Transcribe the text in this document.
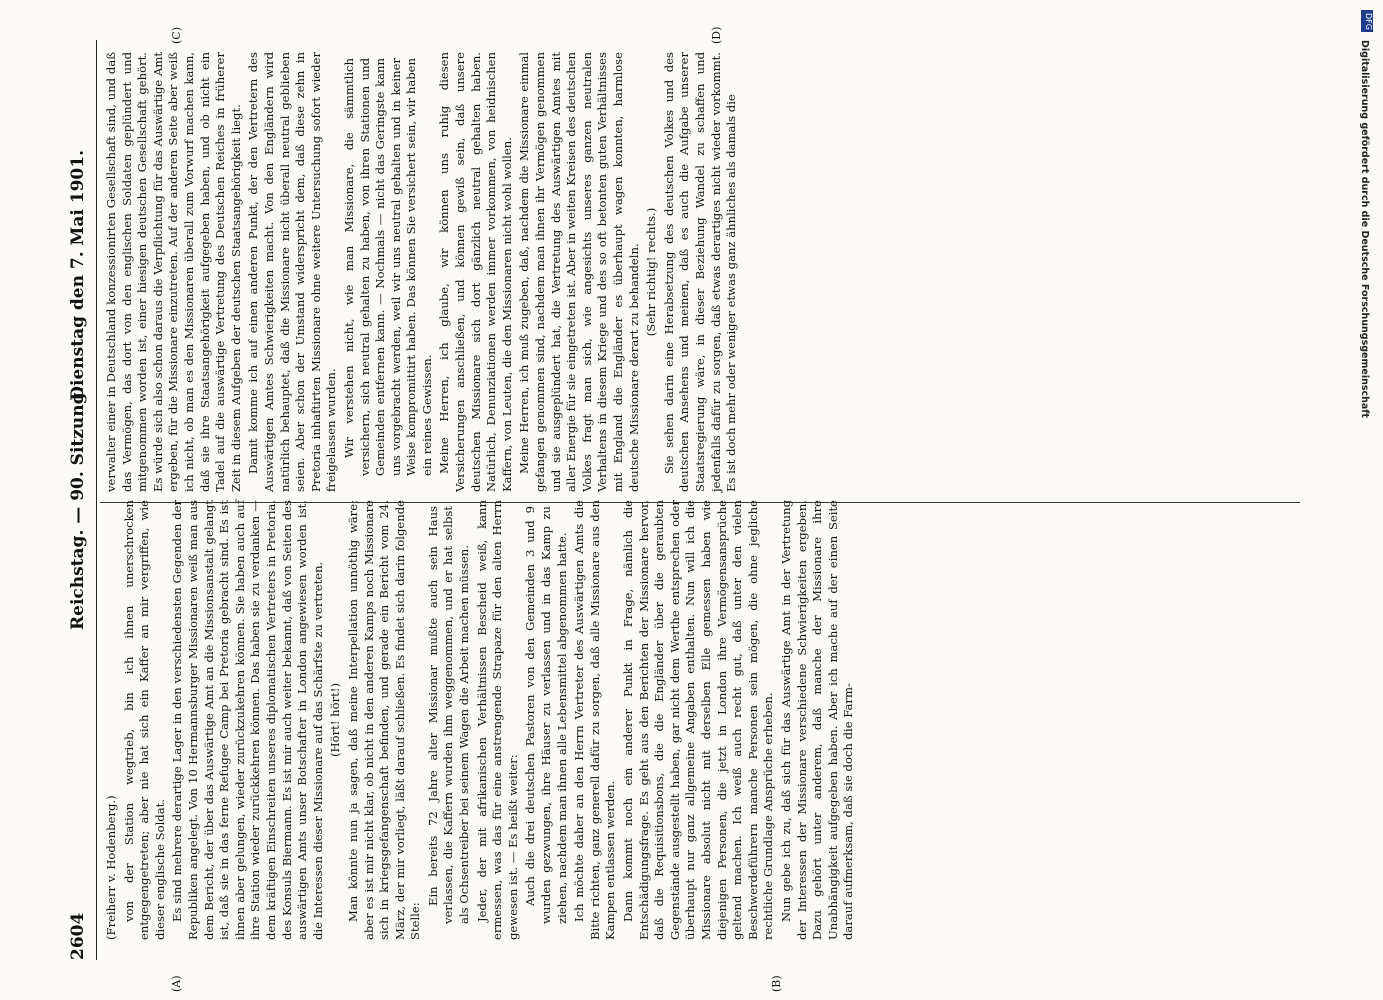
2604
Reichstag. — 90. Sitzung.
Dienstag den 7. Mai 1901.
(A)	(B)
(C)	(D)

(Freiherr v. Hodenberg.) von der Station wegtrieb, bin ich ihnen unerschrocken entgegengetreten; aber nie hat sich ein Kaffer an mir vergriffen, wie dieser englische Soldat. Es sind mehrere derartige Lager in den verschiedensten Gegenden der Republiken angelegt. Von 10 Hermannsburger Missionaren weiß man aus dem Bericht, der über das Auswärtige Amt an die Missionsanstalt gelangt ist, daß sie in das ferne Refugee Camp bei Pretoria gebracht sind. Es ist ihnen aber gelungen, wieder zurückzukehren können. Sie haben auch auf ihre Station wieder zurückkehren können. Das haben sie zu verdanken — dem kräftigen Einschreiten unseres diplomatischen Vertreters in Pretoria, des Konsuls Biermann. Es ist mir auch weiter bekannt, daß von Seiten des auswärtigen Amts unser Botschafter in London angewiesen worden ist, die Interessen dieser Missionare auf das Schärfste zu vertreten. (Hört! hört!) Man könnte nun ja sagen, daß meine Interpellation unnöthig wäre; aber es ist mir nicht klar, ob nicht in den anderen Kamps noch Missionare sich in kriegsgefangenschaft befinden, und gerade ein Bericht vom 24. März, der mir vorliegt, läßt darauf schließen. Es findet sich darin folgende Stelle:

Ein bereits 72 Jahre alter Missionar mußte auch sein Haus verlassen, die Kaffern wurden ihm weggenommen, und er hat selbst als Ochsentreiber bei seinem Wagen die Arbeit machen müssen. Jeder, der mit afrikanischen Verhältnissen Bescheid weiß, kann ermessen, was das für eine anstrengende Strapaze für den alten Herrn gewesen ist. — Es heißt weiter: Auch die drei deutschen Pastoren von den Gemeinden 3 und 9 wurden gezwungen, ihre Häuser zu verlassen und in das Kamp zu ziehen, nachdem man ihnen alle Lebensmittel abgenommen hatte. Ich möchte daher an den Herrn Vertreter des Auswärtigen Amts die Bitte richten, ganz generell dafür zu sorgen, daß alle Missionare aus den Kampen entlassen werden. Dann kommt noch ein anderer Punkt in Frage, nämlich die Entschädigungsfrage. Es geht aus den Berichten der Missionare hervor, daß die Requisitionsbons, die die Engländer über die geraubten Gegenstände ausgestellt haben, gar nicht dem Werthe entsprechen oder überhaupt nur ganz allgemeine Angaben enthalten. Nun will ich die Missionare absolut nicht mit derselben Elle gemessen haben wie diejenigen Personen, die jetzt in London ihre Vermögensansprüche geltend machen. Ich weiß auch recht gut, daß unter den vielen Beschwerdeführern manche Personen sein mögen, die ohne jegliche rechtliche Grundlage Ansprüche erheben. Nun gebe ich zu, daß sich für das Auswärtige Amt in der Vertretung der Interessen der Missionare verschiedene Schwierigkeiten ergeben. Dazu gehört unter anderem, daß manche der Missionare ihre Unabhängigkeit aufgegeben haben. Aber ich mache auf der einen Seite darauf aufmerksam, daß sie doch die Farm-

verwalter einer in Deutschland konzessionirten Gesellschaft sind, und daß das Vermögen, das dort von den englischen Soldaten geplündert und mitgenommen worden ist, einer hiesigen deutschen Gesellschaft gehört. Es würde sich also schon daraus die Verpflichtung für das Auswärtige Amt ergeben, für die Missionare einzutreten. Auf der anderen Seite aber weiß ich nicht, ob man es den Missionaren überall zum Vorwurf machen kann, daß sie ihre Staatsangehörigkeit aufgegeben haben, und ob nicht ein Tadel auf die auswärtige Vertretung des Deutschen Reiches in früherer Zeit in diesem Aufgeben der deutschen Staatsangehörigkeit liegt. Damit komme ich auf einen anderen Punkt, der den Vertretern des Auswärtigen Amtes Schwierigkeiten macht. Von den Engländern wird natürlich behauptet, daß die Missionare nicht überall neutral geblieben seien. Aber schon der Umstand widerspricht dem, daß diese zehn in Pretoria inhaftirten Missionare ohne weitere Untersuchung sofort wieder freigelassen wurden. Wir verstehen nicht, wie man Missionare, die sämmtlich versichern, sich neutral gehalten zu haben, von ihren Stationen und Gemeinden entfernen kann. — Nochmals — nicht das Geringste kann uns vorgebracht werden, weil wir uns neutral gehalten und in keiner Weise kompromittirt haben. Das können Sie versichert sein, wir haben ein reines Gewissen. Meine Herren, ich glaube, wir können uns ruhig diesen Versicherungen anschließen, und können gewiß sein, daß unsere deutschen Missionare sich dort gänzlich neutral gehalten haben. Natürlich, Denunziationen werden immer vorkommen, von heidnischen Kaffern, von Leuten, die den Missionaren nicht wohl wollen. Meine Herren, ich muß zugeben, daß, nachdem die Missionare einmal gefangen genommen sind, nachdem man ihnen ihr Vermögen genommen und sie ausgeplündert hat, die Vertretung des Auswärtigen Amtes mit aller Energie für sie eingetreten ist. Aber in weiten Kreisen des deutschen Volkes fragt man sich, wie angesichts unseres ganzen neutralen Verhaltens in diesem Kriege und des so oft betonten guten Verhältnisses mit England die Engländer es überhaupt wagen konnten, harmlose deutsche Missionare derart zu behandeln. (Sehr richtig! rechts.) Sie sehen darin eine Herabsetzung des deutschen Volkes und des deutschen Ansehens und meinen, daß es auch die Aufgabe unserer Staatsregierung wäre, in dieser Beziehung Wandel zu schaffen und jedenfalls dafür zu sorgen, daß etwas derartiges nicht wieder vorkommt. Es ist doch mehr oder weniger etwas ganz ähnliches als damals die

DFG
Digitalisierung gefördert durch die Deutsche Forschungsgemeinschaft
